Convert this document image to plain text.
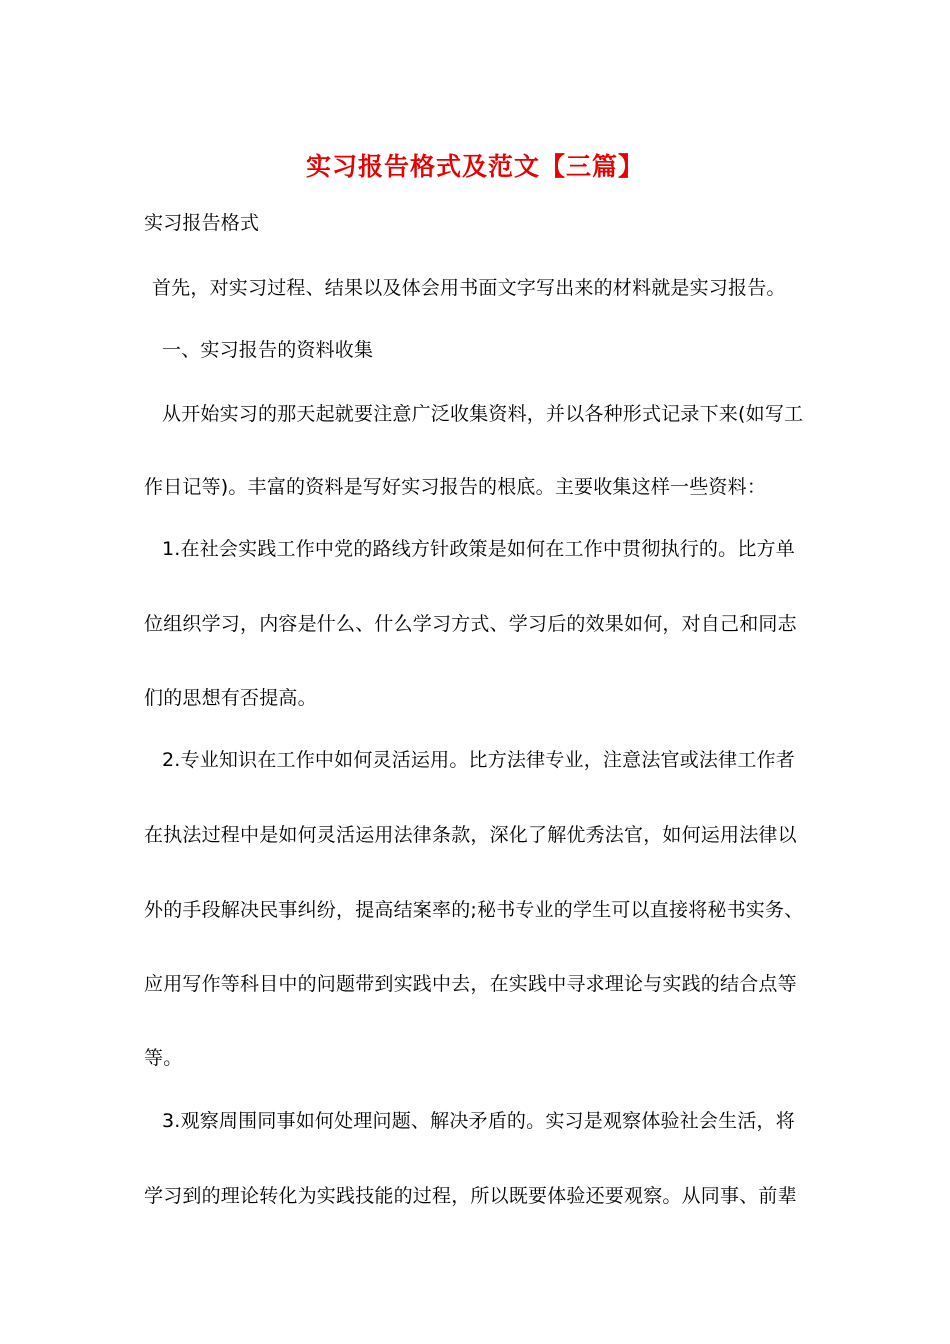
实习报告格式及范文【三篇】
实习报告格式
首先，对实习过程、结果以及体会用书面文字写出来的材料就是实习报告。
一、实习报告的资料收集
从开始实习的那天起就要注意广泛收集资料，并以各种形式记录下来(如写工
作日记等)。丰富的资料是写好实习报告的根底。主要收集这样一些资料：
1.在社会实践工作中党的路线方针政策是如何在工作中贯彻执行的。比方单
位组织学习，内容是什么、什么学习方式、学习后的效果如何，对自己和同志
们的思想有否提高。
2.专业知识在工作中如何灵活运用。比方法律专业，注意法官或法律工作者
在执法过程中是如何灵活运用法律条款，深化了解优秀法官，如何运用法律以
外的手段解决民事纠纷，提高结案率的;秘书专业的学生可以直接将秘书实务、
应用写作等科目中的问题带到实践中去，在实践中寻求理论与实践的结合点等
等。
3.观察周围同事如何处理问题、解决矛盾的。实习是观察体验社会生活，将
学习到的理论转化为实践技能的过程，所以既要体验还要观察。从同事、前辈
